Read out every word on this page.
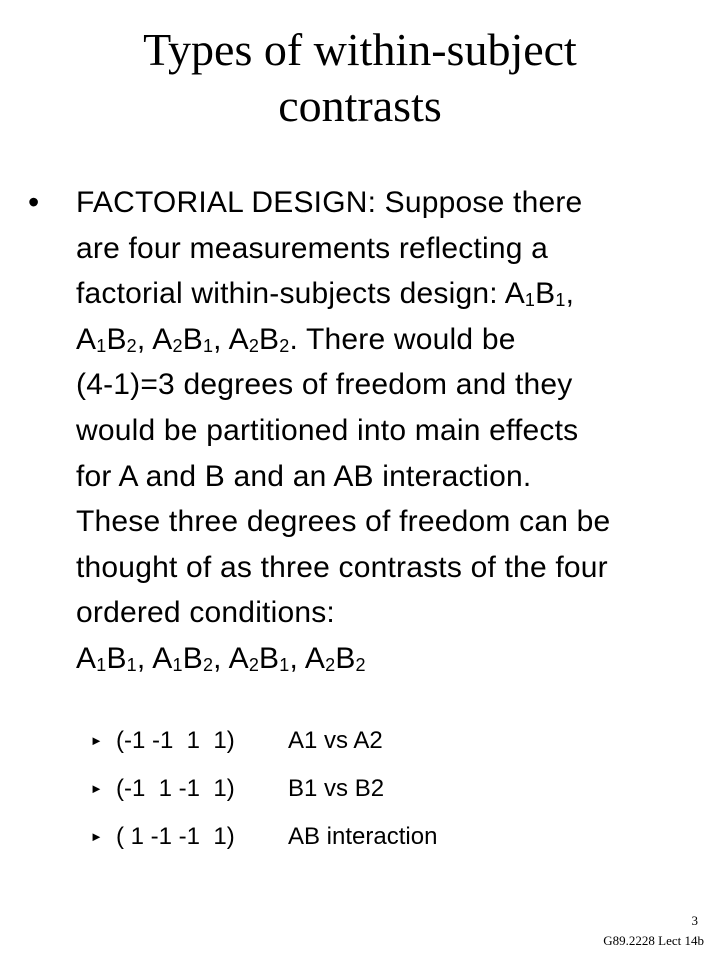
Types of within-subject
contrasts
• FACTORIAL DESIGN: Suppose there
are four measurements reflecting a
factorial within-subjects design: $A_1B_1$,
$A_1B_2$, $A_2B_1$, $A_2B_2$. There would be
(4-1)=3 degrees of freedom and they
would be partitioned into main effects
for A and B and an AB interaction.
These three degrees of freedom can be
thought of as three contrasts of the four
ordered conditions:
$A_1B_1$, $A_1B_2$, $A_2B_1$, $A_2B_2$
► (-1 -1  1  1) A1 vs A2
► (-1  1 -1  1) B1 vs B2
► ( 1 -1 -1  1) AB interaction
3
G89.2228 Lect 14b
